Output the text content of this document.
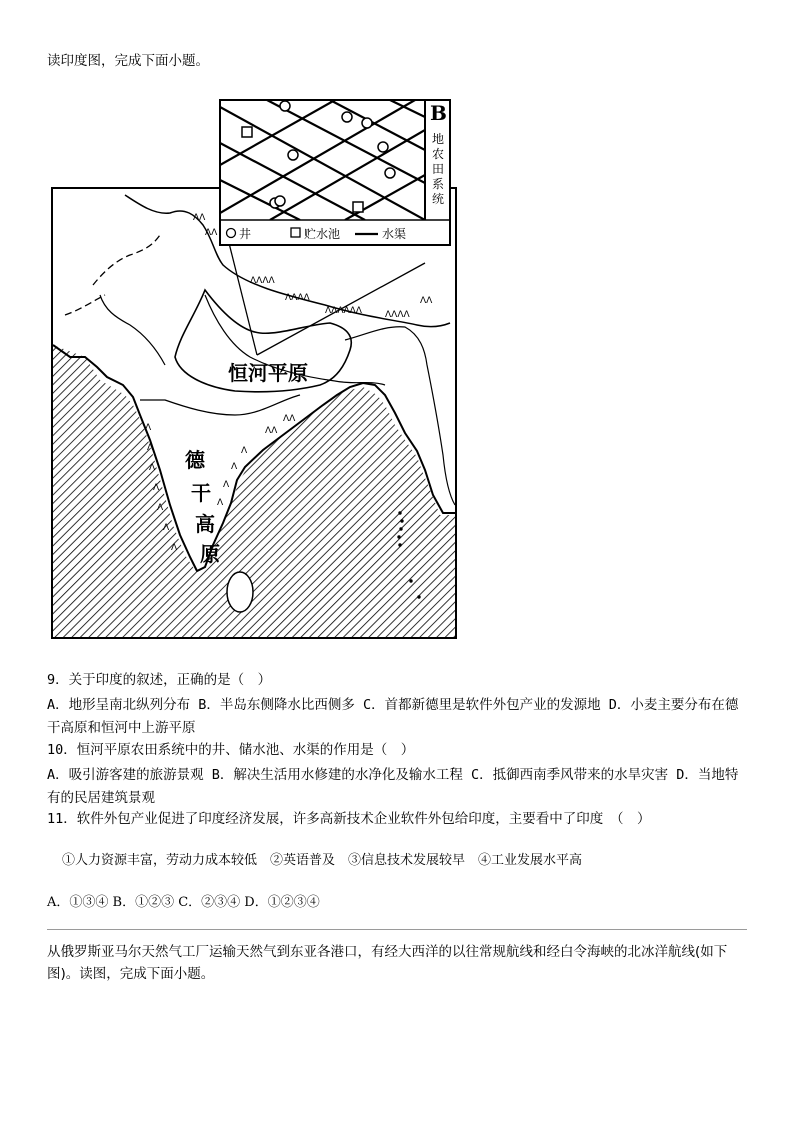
读印度图，完成下面小题。
ᐱᐱ
ᐱᐱ
ᐱᐱᐱᐱ
ᐱᐱᐱᐱ
ᐱᐱᐱᐱᐱᐱ	ᐱᐱᐱᐱ
ᐱᐱ
ᐱ
ᐱ
ᐱ
ᐱ
ᐱ
ᐱ
ᐱ
ᐱ
ᐱ
ᐱ
ᐱ
ᐱᐱ
ᐱᐱ
B
地农田系统
井	贮水池	水渠
恒河平原
德
干
高
原
9．关于印度的叙述，正确的是（　）
A．地形呈南北纵列分布 B．半岛东侧降水比西侧多 C．首都新德里是软件外包产业的发源地 D．小麦主要分布在德干高原和恒河中上游平原
10．恒河平原农田系统中的井、储水池、水渠的作用是（　）
A．吸引游客建的旅游景观 B．解决生活用水修建的水净化及输水工程 C．抵御西南季风带来的水旱灾害 D．当地特有的民居建筑景观
11．软件外包产业促进了印度经济发展，许多高新技术企业软件外包给印度，主要看中了印度　（　）
①人力资源丰富，劳动力成本较低　②英语普及　③信息技术发展较早　④工业发展水平高
A．①③④ B．①②③ C．②③④ D．①②③④
从俄罗斯亚马尔天然气工厂运输天然气到东亚各港口，有经大西洋的以往常规航线和经白令海峡的北冰洋航线(如下图)。读图，完成下面小题。
